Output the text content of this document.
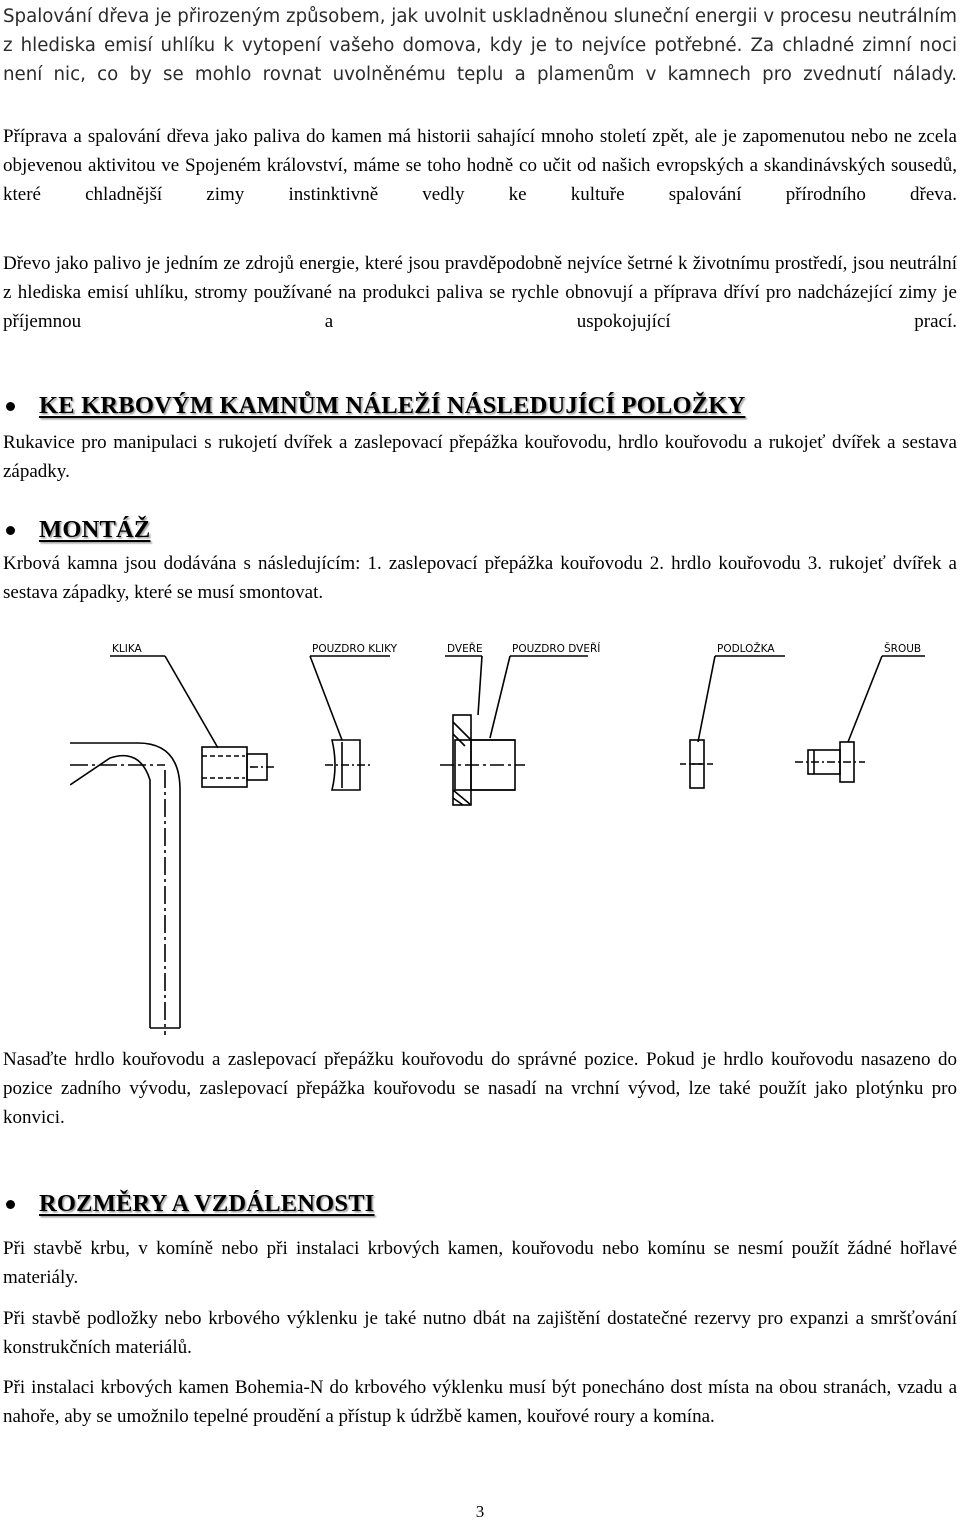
Spalování dřeva je přirozeným způsobem, jak uvolnit uskladněnou sluneční energii v procesu neutrálním z hlediska emisí uhlíku k vytopení vašeho domova, kdy je to nejvíce potřebné. Za chladné zimní noci není nic, co by se mohlo rovnat uvolněnému teplu a plamenům v kamnech pro zvednutí nálady.

Příprava a spalování dřeva jako paliva do kamen má historii sahající mnoho století zpět, ale je zapomenutou nebo ne zcela objevenou aktivitou ve Spojeném království, máme se toho hodně co učit od našich evropských a skandinávských sousedů, které chladnější zimy instinktivně vedly ke kultuře spalování přírodního dřeva.

Dřevo jako palivo je jedním ze zdrojů energie, které jsou pravděpodobně nejvíce šetrné k životnímu prostředí, jsou neutrální z hlediska emisí uhlíku, stromy používané na produkci paliva se rychle obnovují a příprava dříví pro nadcházející zimy je příjemnou a uspokojující prací.

KE KRBOVÝM KAMNŮM NÁLEŽÍ NÁSLEDUJÍCÍ POLOŽKY

Rukavice pro manipulaci s rukojetí dvířek a zaslepovací přepážka kouřovodu, hrdlo kouřovodu a rukojeť dvířek a sestava západky.

MONTÁŽ

Krbová kamna jsou dodávána s následujícím: 1. zaslepovací přepážka kouřovodu 2. hrdlo kouřovodu 3. rukojeť dvířek a sestava západky, které se musí smontovat.

KLIKA	POUZDRO KLIKY	DVEŘE	POUZDRO DVEŘÍ	PODLOŽKA	ŠROUB

Nasaďte hrdlo kouřovodu a zaslepovací přepážku kouřovodu do správné pozice. Pokud je hrdlo kouřovodu nasazeno do pozice zadního vývodu, zaslepovací přepážka kouřovodu se nasadí na vrchní vývod, lze také použít jako plotýnku pro konvici.

ROZMĚRY A VZDÁLENOSTI

Při stavbě krbu, v komíně nebo při instalaci krbových kamen, kouřovodu nebo komínu se nesmí použít žádné hořlavé materiály.

Při stavbě podložky nebo krbového výklenku je také nutno dbát na zajištění dostatečné rezervy pro expanzi a smršťování konstrukčních materiálů.

Při instalaci krbových kamen Bohemia-N do krbového výklenku musí být ponecháno dost místa na obou stranách, vzadu a nahoře, aby se umožnilo tepelné proudění a přístup k údržbě kamen, kouřové roury a komína.

3
